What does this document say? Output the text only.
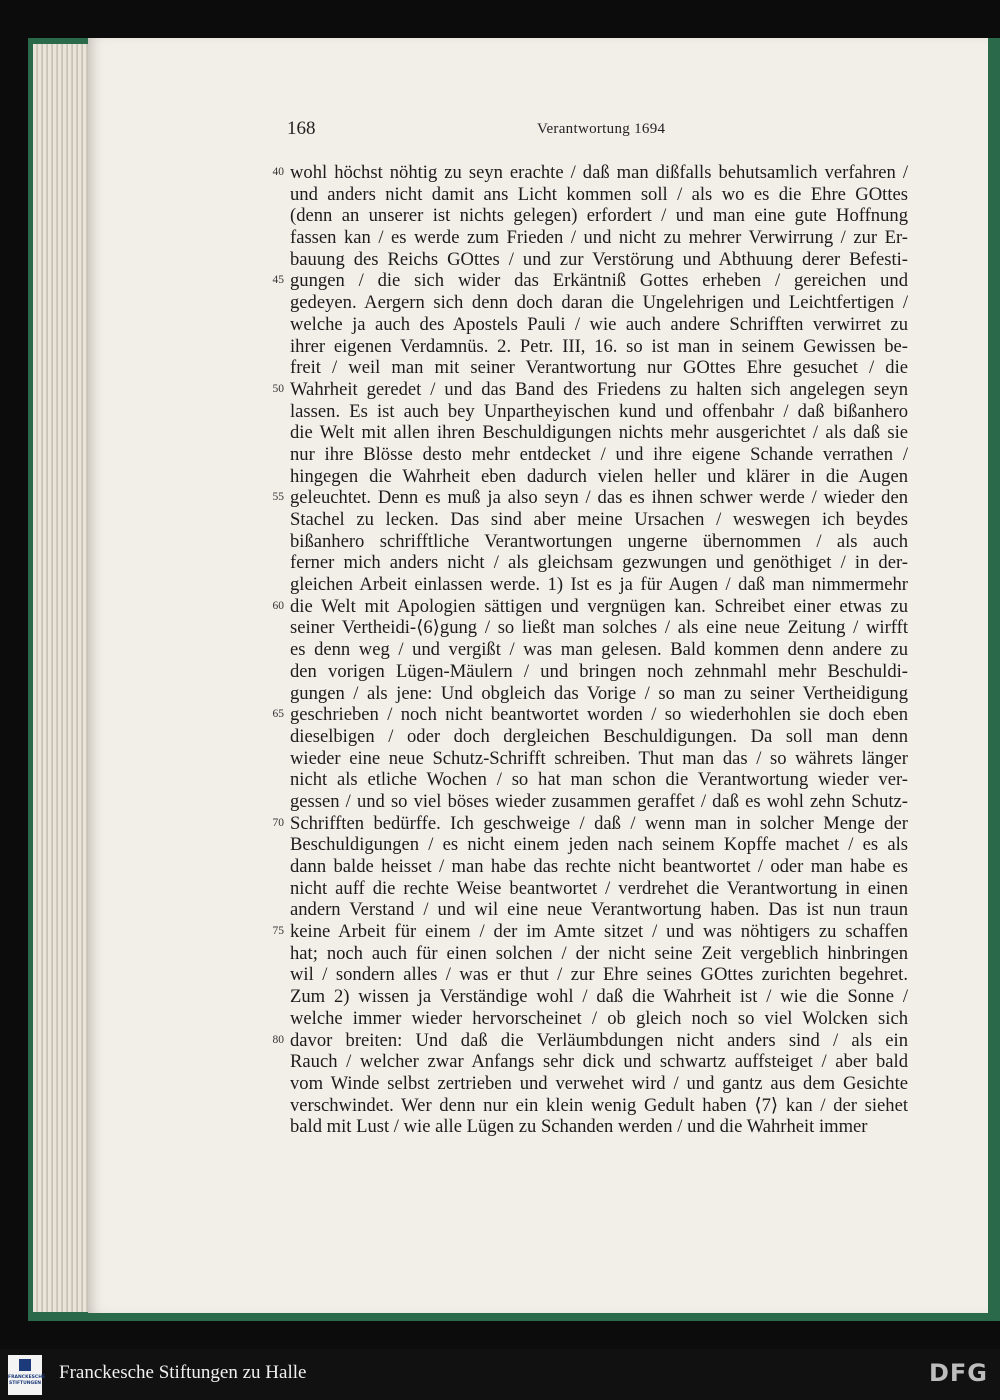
168	Verantwortung 1694
40 wohl höchst nöhtig zu seyn erachte / daß man dißfalls behutsamlich verfahren /
und anders nicht damit ans Licht kommen soll / als wo es die Ehre GOttes
(denn an unserer ist nichts gelegen) erfordert / und man eine gute Hoffnung
fassen kan / es werde zum Frieden / und nicht zu mehrer Verwirrung / zur Er-
bauung des Reichs GOttes / und zur Verstörung und Abthuung derer Befesti-
45 gungen / die sich wider das Erkäntniß Gottes erheben / gereichen und
gedeyen. Aergern sich denn doch daran die Ungelehrigen und Leichtfertigen /
welche ja auch des Apostels Pauli / wie auch andere Schrifften verwirret zu
ihrer eigenen Verdamnüs. 2. Petr. III, 16. so ist man in seinem Gewissen be-
freit / weil man mit seiner Verantwortung nur GOttes Ehre gesuchet / die
50 Wahrheit geredet / und das Band des Friedens zu halten sich angelegen seyn
lassen. Es ist auch bey Unpartheyischen kund und offenbahr / daß bißanhero
die Welt mit allen ihren Beschuldigungen nichts mehr ausgerichtet / als daß sie
nur ihre Blösse desto mehr entdecket / und ihre eigene Schande verrathen /
hingegen die Wahrheit eben dadurch vielen heller und klärer in die Augen
55 geleuchtet. Denn es muß ja also seyn / das es ihnen schwer werde / wieder den
Stachel zu lecken. Das sind aber meine Ursachen / weswegen ich beydes
bißanhero schrifftliche Verantwortungen ungerne übernommen / als auch
ferner mich anders nicht / als gleichsam gezwungen und genöthiget / in der-
gleichen Arbeit einlassen werde. 1) Ist es ja für Augen / daß man nimmermehr
60 die Welt mit Apologien sättigen und vergnügen kan. Schreibet einer etwas zu
seiner Vertheidi-⟨6⟩gung / so ließt man solches / als eine neue Zeitung / wirfft
es denn weg / und vergißt / was man gelesen. Bald kommen denn andere zu
den vorigen Lügen-Mäulern / und bringen noch zehnmahl mehr Beschuldi-
gungen / als jene: Und obgleich das Vorige / so man zu seiner Vertheidigung
65 geschrieben / noch nicht beantwortet worden / so wiederhohlen sie doch eben
dieselbigen / oder doch dergleichen Beschuldigungen. Da soll man denn
wieder eine neue Schutz-Schrifft schreiben. Thut man das / so währets länger
nicht als etliche Wochen / so hat man schon die Verantwortung wieder ver-
gessen / und so viel böses wieder zusammen geraffet / daß es wohl zehn Schutz-
70 Schrifften bedürffe. Ich geschweige / daß / wenn man in solcher Menge der
Beschuldigungen / es nicht einem jeden nach seinem Kopffe machet / es als
dann balde heisset / man habe das rechte nicht beantwortet / oder man habe es
nicht auff die rechte Weise beantwortet / verdrehet die Verantwortung in einen
andern Verstand / und wil eine neue Verantwortung haben. Das ist nun traun
75 keine Arbeit für einem / der im Amte sitzet / und was nöhtigers zu schaffen
hat; noch auch für einen solchen / der nicht seine Zeit vergeblich hinbringen
wil / sondern alles / was er thut / zur Ehre seines GOttes zurichten begehret.
Zum 2) wissen ja Verständige wohl / daß die Wahrheit ist / wie die Sonne /
welche immer wieder hervorscheinet / ob gleich noch so viel Wolcken sich
80 davor breiten: Und daß die Verläumbdungen nicht anders sind / als ein
Rauch / welcher zwar Anfangs sehr dick und schwartz auffsteiget / aber bald
vom Winde selbst zertrieben und verwehet wird / und gantz aus dem Gesichte
verschwindet. Wer denn nur ein klein wenig Gedult haben ⟨7⟩ kan / der siehet
bald mit Lust / wie alle Lügen zu Schanden werden / und die Wahrheit immer
FRANCKESCHE STIFTUNGEN
Franckesche Stiftungen zu Halle	DFG
